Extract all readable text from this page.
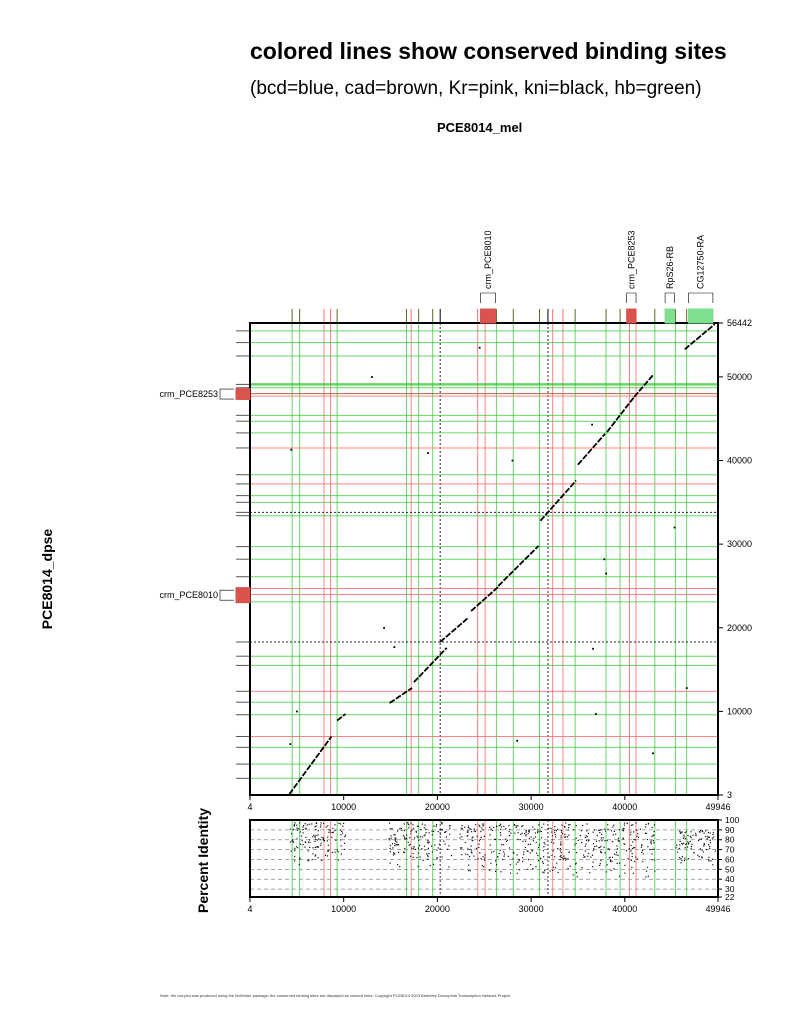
colored lines show conserved binding sites
(bcd=blue, cad=brown, Kr=pink, kni=black, hb=green)
PCE8014_mel
4	10000	20000	30000	40000	49946
3
10000
20000
30000
40000
50000
56442
crm_PCE8010	crm_PCE8253	RpS26-RB CG12750-RA
crm_PCE8253
crm_PCE8010
PCE8014_dpse
100
90
80
70
60
50
40
30
22
4	10000	20000	30000	40000	49946
Percent Identity
Note: the dot-plot was produced using the MUMmer package; the conserved binding sites are displayed as colored lines. Copyright PCE8014 2003 Berkeley Drosophila Transcription Network Project
